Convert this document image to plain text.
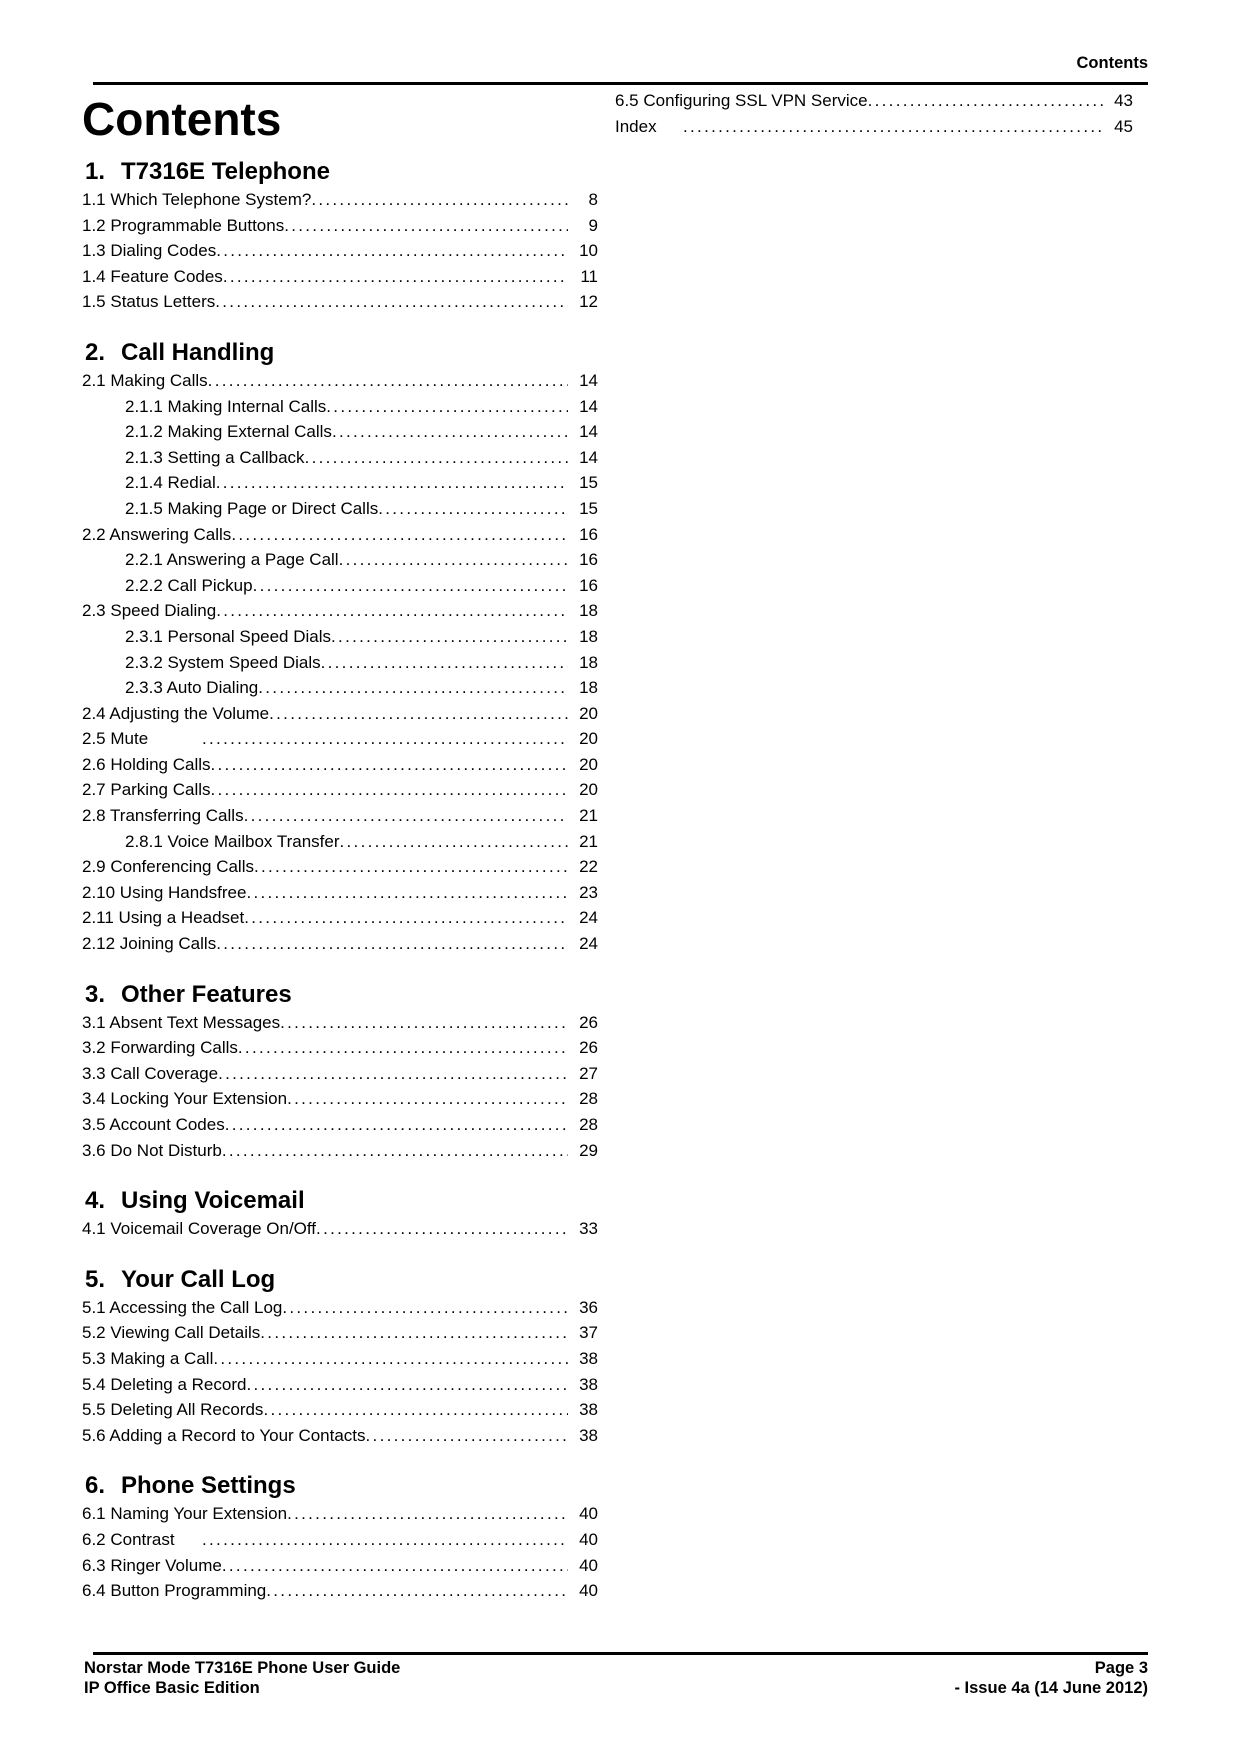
Contents
Contents
1. T7316E Telephone
1.1 Which Telephone System? .....	8
1.2 Programmable Buttons .....	9
1.3 Dialing Codes .....	10
1.4 Feature Codes .....	11
1.5 Status Letters .....	12
2. Call Handling
2.1 Making Calls .....	14
2.1.1 Making Internal Calls .....	14
2.1.2 Making External Calls .....	14
2.1.3 Setting a Callback .....	14
2.1.4 Redial .....	15
2.1.5 Making Page or Direct Calls .....	15
2.2 Answering Calls .....	16
2.2.1 Answering a Page Call .....	16
2.2.2 Call Pickup .....	16
2.3 Speed Dialing .....	18
2.3.1 Personal Speed Dials .....	18
2.3.2 System Speed Dials .....	18
2.3.3 Auto Dialing .....	18
2.4 Adjusting the Volume .....	20
2.5 Mute .....	20
2.6 Holding Calls .....	20
2.7 Parking Calls .....	20
2.8 Transferring Calls .....	21
2.8.1 Voice Mailbox Transfer .....	21
2.9 Conferencing Calls .....	22
2.10 Using Handsfree .....	23
2.11 Using a Headset .....	24
2.12 Joining Calls .....	24
3. Other Features
3.1 Absent Text Messages .....	26
3.2 Forwarding Calls .....	26
3.3 Call Coverage .....	27
3.4 Locking Your Extension .....	28
3.5 Account Codes .....	28
3.6 Do Not Disturb .....	29
4. Using Voicemail
4.1 Voicemail Coverage On/Off .....	33
5. Your Call Log
5.1 Accessing the Call Log .....	36
5.2 Viewing Call Details .....	37
5.3 Making a Call .....	38
5.4 Deleting a Record .....	38
5.5 Deleting All Records .....	38
5.6 Adding a Record to Your Contacts .....	38
6. Phone Settings
6.1 Naming Your Extension .....	40
6.2 Contrast .....	40
6.3 Ringer Volume .....	40
6.4 Button Programming .....	40
6.5 Configuring SSL VPN Service .....	43
Index .....	45
Norstar Mode T7316E Phone User Guide
IP Office Basic Edition
Page 3
- Issue 4a (14 June 2012)
